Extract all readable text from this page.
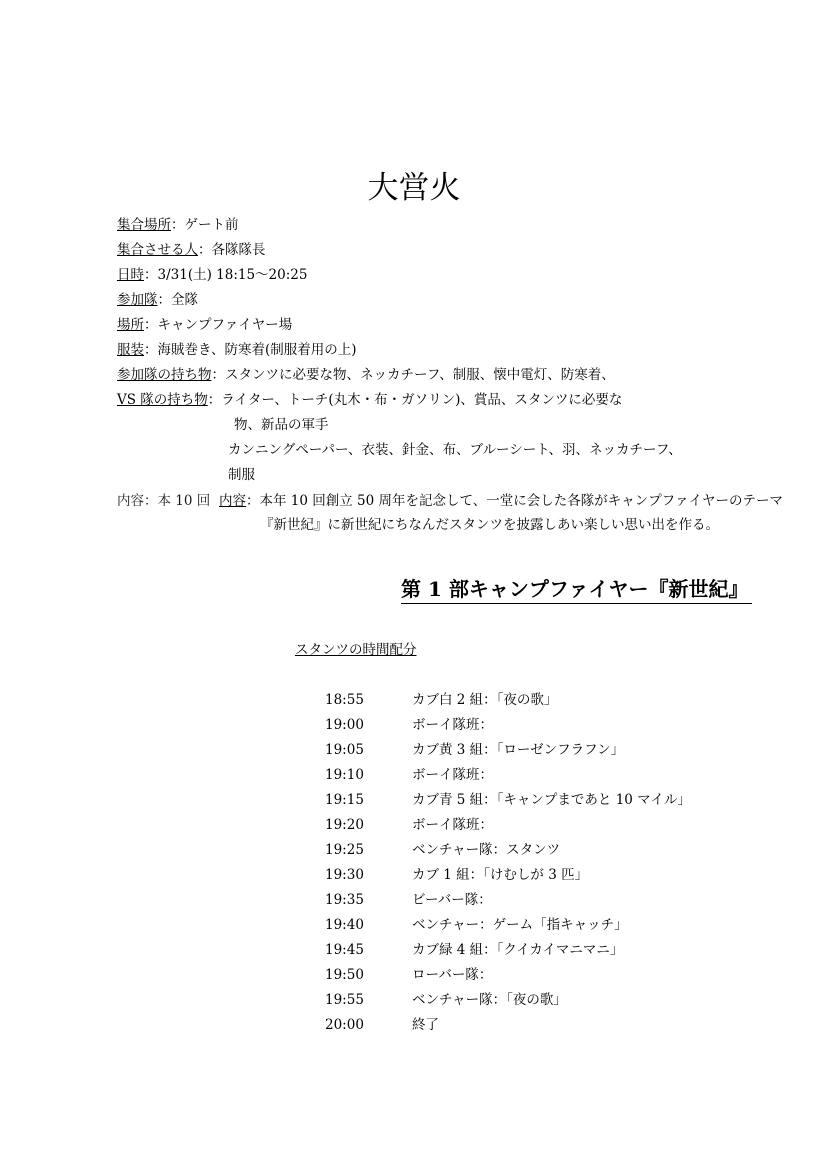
大営火
集合場所：ゲート前
集合させる人：各隊隊長
日時：3/31(土) 18:15～20:25
参加隊：全隊
場所：キャンプファイヤー場
服装：海賊巻き、防寒着(制服着用の上)
参加隊の持ち物：スタンツに必要な物、ネッカチーフ、制服、懐中電灯、防寒着、
VS 隊の持ち物：ライター、トーチ(丸木・布・ガソリン)、賞品、スタンツに必要な
物、新品の軍手
カンニングペーパー、衣装、針金、布、ブルーシート、羽、ネッカチーフ、
制服
内容：本 10 回 内容：本年 10 回創立 50 周年を記念して、一堂に会した各隊がキャンプファイヤーのテーマ
『新世紀』に新世紀にちなんだスタンツを披露しあい楽しい思い出を作る。
第 1 部キャンプファイヤー『新世紀』
スタンツの時間配分
18:55	カブ白 2 組：「夜の歌」
19:00	ボーイ隊班：
19:05	カブ黄 3 組：「ローゼンフラフン」
19:10	ボーイ隊班：
19:15	カブ青 5 組：「キャンプまであと 10 マイル」
19:20	ボーイ隊班：
19:25	ベンチャー隊：スタンツ
19:30	カブ 1 組：「けむしが 3 匹」
19:35	ビーバー隊：
19:40	ベンチャー：ゲーム「指キャッチ」
19:45	カブ緑 4 組：「クイカイマニマニ」
19:50	ローバー隊：
19:55	ベンチャー隊：「夜の歌」
20:00	終了
